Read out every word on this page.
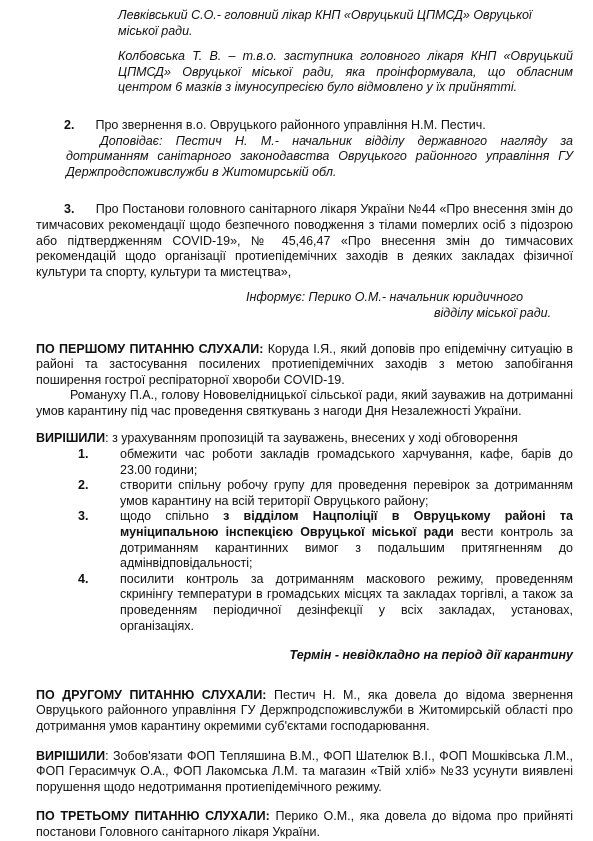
Левківський С.О.- головний лікар КНП «Овруцький ЦПМСД» Овруцької міської ради.

Колбовська Т. В. – т.в.о. заступника головного лікаря КНП «Овруцький ЦПМСД» Овруцької міської ради, яка проінформувала, що обласним центром 6 мазків з імуносупресією було відмовлено у їх прийнятті.

2. Про звернення в.о. Овруцького районного управління Н.М. Пестич.

Доповідає: Пестич Н. М.- начальник відділу державного нагляду за дотриманням санітарного законодавства Овруцького районного управління ГУ Держпродспоживслужби в Житомирській обл.

3. Про Постанови головного санітарного лікаря України №44 «Про внесення змін до тимчасових рекомендації щодо безпечного поводження з тілами померлих осіб з підозрою або підтвердженням COVID-19», № 45,46,47 «Про внесення змін до тимчасових рекомендацій щодо організації протиепідемічних заходів в деяких закладах фізичної культури та спорту, культури та мистецтва»,

Інформує: Перико О.М.- начальник юридичного

відділу міської ради.

ПО ПЕРШОМУ ПИТАННЮ СЛУХАЛИ: Коруда І.Я., який доповів про епідемічну ситуацію в районі та застосування посилених протиепідемічних заходів з метою запобігання поширення гострої респіраторної хвороби COVID-19.

Романуху П.А., голову Нововелідницької сільської ради, який зауважив на дотриманні умов карантину під час проведення святкувань з нагоди Дня Незалежності України.

ВИРІШИЛИ: з урахуванням пропозицій та зауважень, внесених у ході обговорення

1.	обмежити час роботи закладів громадського харчування, кафе, барів до 23.00 години;
2.	створити спільну робочу групу для проведення перевірок за дотриманням умов карантину на всій території Овруцького району;
3.	щодо спільно з відділом Нацполіції в Овруцькому районі та муніципальною інспекцією Овруцької міської ради вести контроль за дотриманням карантинних вимог з подальшим притягненням до адмінвідповідальності;
4.	посилити контроль за дотриманням маскового режиму, проведенням скринінгу температури в громадських місцях та закладах торгівлі, а також за проведенням періодичної дезінфекції у всіх закладах, установах, організаціях.

Термін - невідкладно на період дії карантину

ПО ДРУГОМУ ПИТАННЮ СЛУХАЛИ: Пестич Н. М., яка довела до відома звернення Овруцького районного управління ГУ Держпродспоживслужби в Житомирській області про дотримання умов карантину окремими суб'єктами господарювання.

ВИРІШИЛИ: Зобов'язати ФОП Тепляшина В.М., ФОП Шателюк В.І., ФОП Мошківська Л.М., ФОП Герасимчук О.А., ФОП Лакомська Л.М. та магазин «Твій хліб» №33 усунути виявлені порушення щодо недотримання протиепідемічного режиму.

ПО ТРЕТЬОМУ ПИТАННЮ СЛУХАЛИ: Перико О.М., яка довела до відома про прийняті постанови Головного санітарного лікаря України.
